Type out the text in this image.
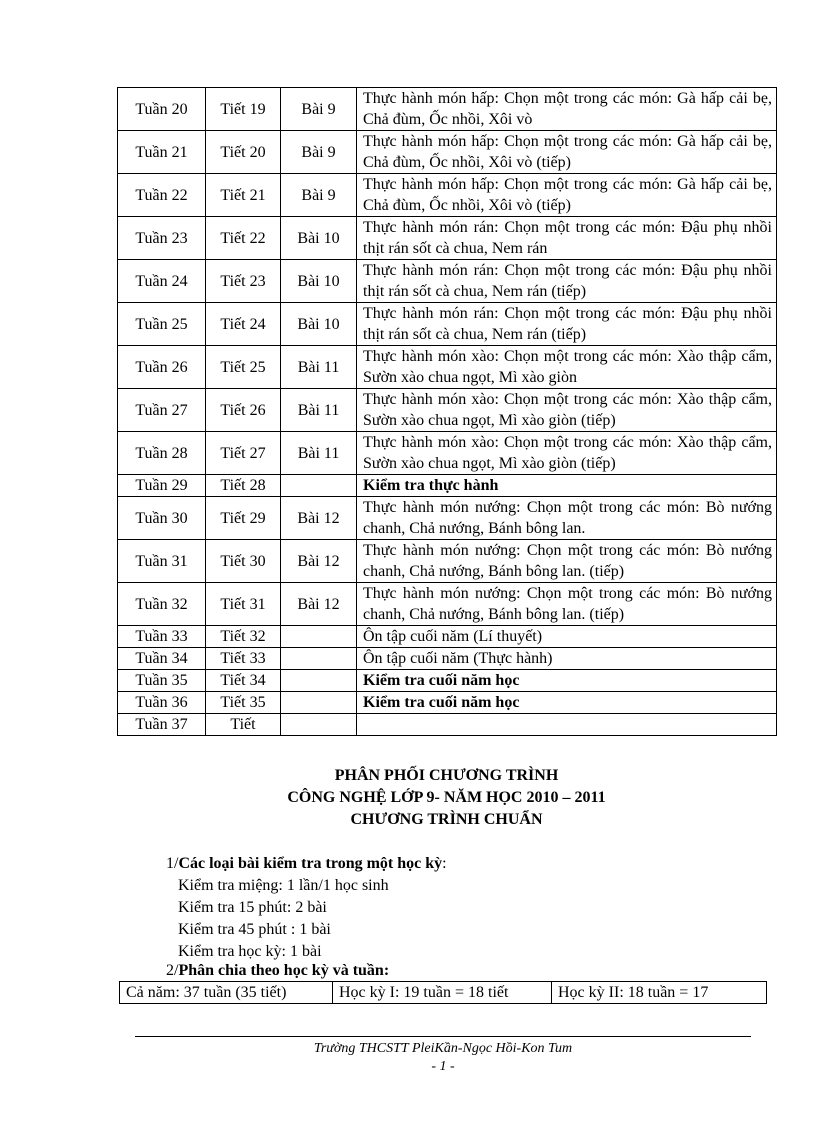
Tuần 20	Tiết 19	Bài 9	Thực hành món hấp: Chọn một trong các món: Gà hấp cải bẹ, Chả đùm, Ốc nhồi, Xôi vò
Tuần 21	Tiết 20	Bài 9	Thực hành món hấp: Chọn một trong các món: Gà hấp cải bẹ, Chả đùm, Ốc nhồi, Xôi vò (tiếp)
Tuần 22	Tiết 21	Bài 9	Thực hành món hấp: Chọn một trong các món: Gà hấp cải bẹ, Chả đùm, Ốc nhồi, Xôi vò (tiếp)
Tuần 23	Tiết 22	Bài 10	Thực hành món rán: Chọn một trong các món: Đậu phụ nhồi thịt rán sốt cà chua, Nem rán
Tuần 24	Tiết 23	Bài 10	Thực hành món rán: Chọn một trong các món: Đậu phụ nhồi thịt rán sốt cà chua, Nem rán (tiếp)
Tuần 25	Tiết 24	Bài 10	Thực hành món rán: Chọn một trong các món: Đậu phụ nhồi thịt rán sốt cà chua, Nem rán (tiếp)
Tuần 26	Tiết 25	Bài 11	Thực hành món xào: Chọn một trong các món: Xào thập cẩm, Sườn xào chua ngọt, Mì xào giòn
Tuần 27	Tiết 26	Bài 11	Thực hành món xào: Chọn một trong các món: Xào thập cẩm, Sườn xào chua ngọt, Mì xào giòn (tiếp)
Tuần 28	Tiết 27	Bài 11	Thực hành món xào: Chọn một trong các món: Xào thập cẩm, Sườn xào chua ngọt, Mì xào giòn (tiếp)
Tuần 29	Tiết 28		Kiểm tra thực hành
Tuần 30	Tiết 29	Bài 12	Thực hành món nướng: Chọn một trong các món: Bò nướng chanh, Chả nướng, Bánh bông lan.
Tuần 31	Tiết 30	Bài 12	Thực hành món nướng: Chọn một trong các món: Bò nướng chanh, Chả nướng, Bánh bông lan. (tiếp)
Tuần 32	Tiết 31	Bài 12	Thực hành món nướng: Chọn một trong các món: Bò nướng chanh, Chả nướng, Bánh bông lan. (tiếp)
Tuần 33	Tiết 32		Ôn tập cuối năm (Lí thuyết)
Tuần 34	Tiết 33		Ôn tập cuối năm (Thực hành)
Tuần 35	Tiết 34		Kiểm tra cuối năm học
Tuần 36	Tiết 35		Kiểm tra cuối năm học
Tuần 37	Tiết		
PHÂN PHỐI CHƯƠNG TRÌNH
CÔNG NGHỆ LỚP 9- NĂM HỌC 2010 – 2011
CHƯƠNG TRÌNH CHUẨN
1/Các loại bài kiểm tra trong một học kỳ:
Kiểm tra miệng: 1 lần/1 học sinh
Kiểm tra 15 phút: 2 bài
Kiểm tra 45 phút : 1 bài
Kiểm tra học kỳ: 1 bài
2/Phân chia theo học kỳ và tuần:
Cả năm: 37 tuần (35 tiết)	Học kỳ I: 19 tuần = 18 tiết	Học kỳ II: 18 tuần = 17
Trường THCSTT PleiKần-Ngọc Hồi-Kon Tum
- 1 -
